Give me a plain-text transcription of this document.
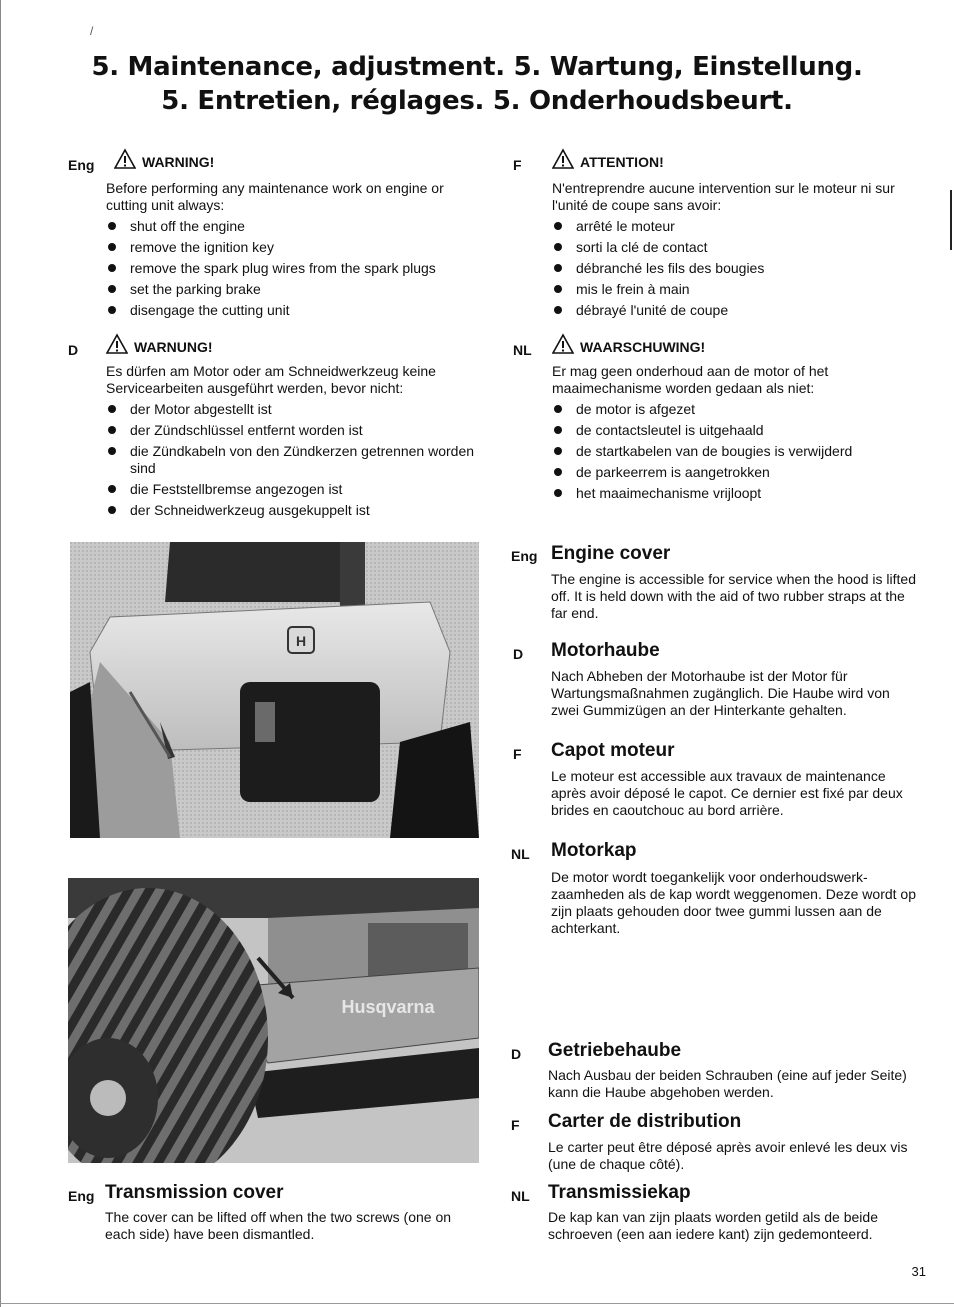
/
5. Maintenance, adjustment. 5. Wartung, Einstellung.
5. Entretien, réglages. 5. Onderhoudsbeurt.
Eng	WARNING!

Before performing any maintenance work on engine or cutting unit always:

shut off the engine
remove the ignition key
remove the spark plug wires from the spark plugs
set the parking brake
disengage the cutting unit
D	WARNUNG!

Es dürfen am Motor oder am Schneidwerkzeug keine Servicearbeiten ausgeführt werden, bevor nicht:

der Motor abgestellt ist
der Zündschlüssel entfernt worden ist
die Zündkabeln von den Zündkerzen getrennen worden sind
die Feststellbremse angezogen ist
der Schneidwerkzeug ausgekuppelt ist
F	ATTENTION!

N'entreprendre aucune intervention sur le moteur ni sur l'unité de coupe sans avoir:

arrêté le moteur
sorti la clé de contact
débranché les fils des bougies
mis le frein à main
débrayé l'unité de coupe
NL	WAARSCHUWING!

Er mag geen onderhoud aan de motor of het maaimechanisme worden gedaan als niet:

de motor is afgezet
de contactsleutel is uitgehaald
de startkabelen van de bougies is verwijderd
de parkeerrem is aangetrokken
het maaimechanisme vrijloopt
H
Husqvarna
Eng Engine cover

The engine is accessible for service when the hood is lifted off. It is held down with the aid of two rubber straps at the far end.

D Motorhaube

Nach Abheben der Motorhaube ist der Motor für Wartungsmaßnahmen zugänglich. Die Haube wird von zwei Gummizügen an der Hinterkante gehalten.

F Capot moteur

Le moteur est accessible aux travaux de maintenance après avoir déposé le capot. Ce dernier est fixé par deux brides en caoutchouc au bord arrière.

NL Motorkap

De motor wordt toegankelijk voor onderhoudswerk-zaamheden als de kap wordt weggenomen. Deze wordt op zijn plaats gehouden door twee gummi lussen aan de achterkant.

D Getriebehaube

Nach Ausbau der beiden Schrauben (eine auf jeder Seite) kann die Haube abgehoben werden.

F Carter de distribution

Le carter peut être déposé après avoir enlevé les deux vis (une de chaque côté).

NL Transmissiekap

De kap kan van zijn plaats worden getild als de beide schroeven (een aan iedere kant) zijn gedemonteerd.

Eng Transmission cover

The cover can be lifted off when the two screws (one on each side) have been dismantled.

31
